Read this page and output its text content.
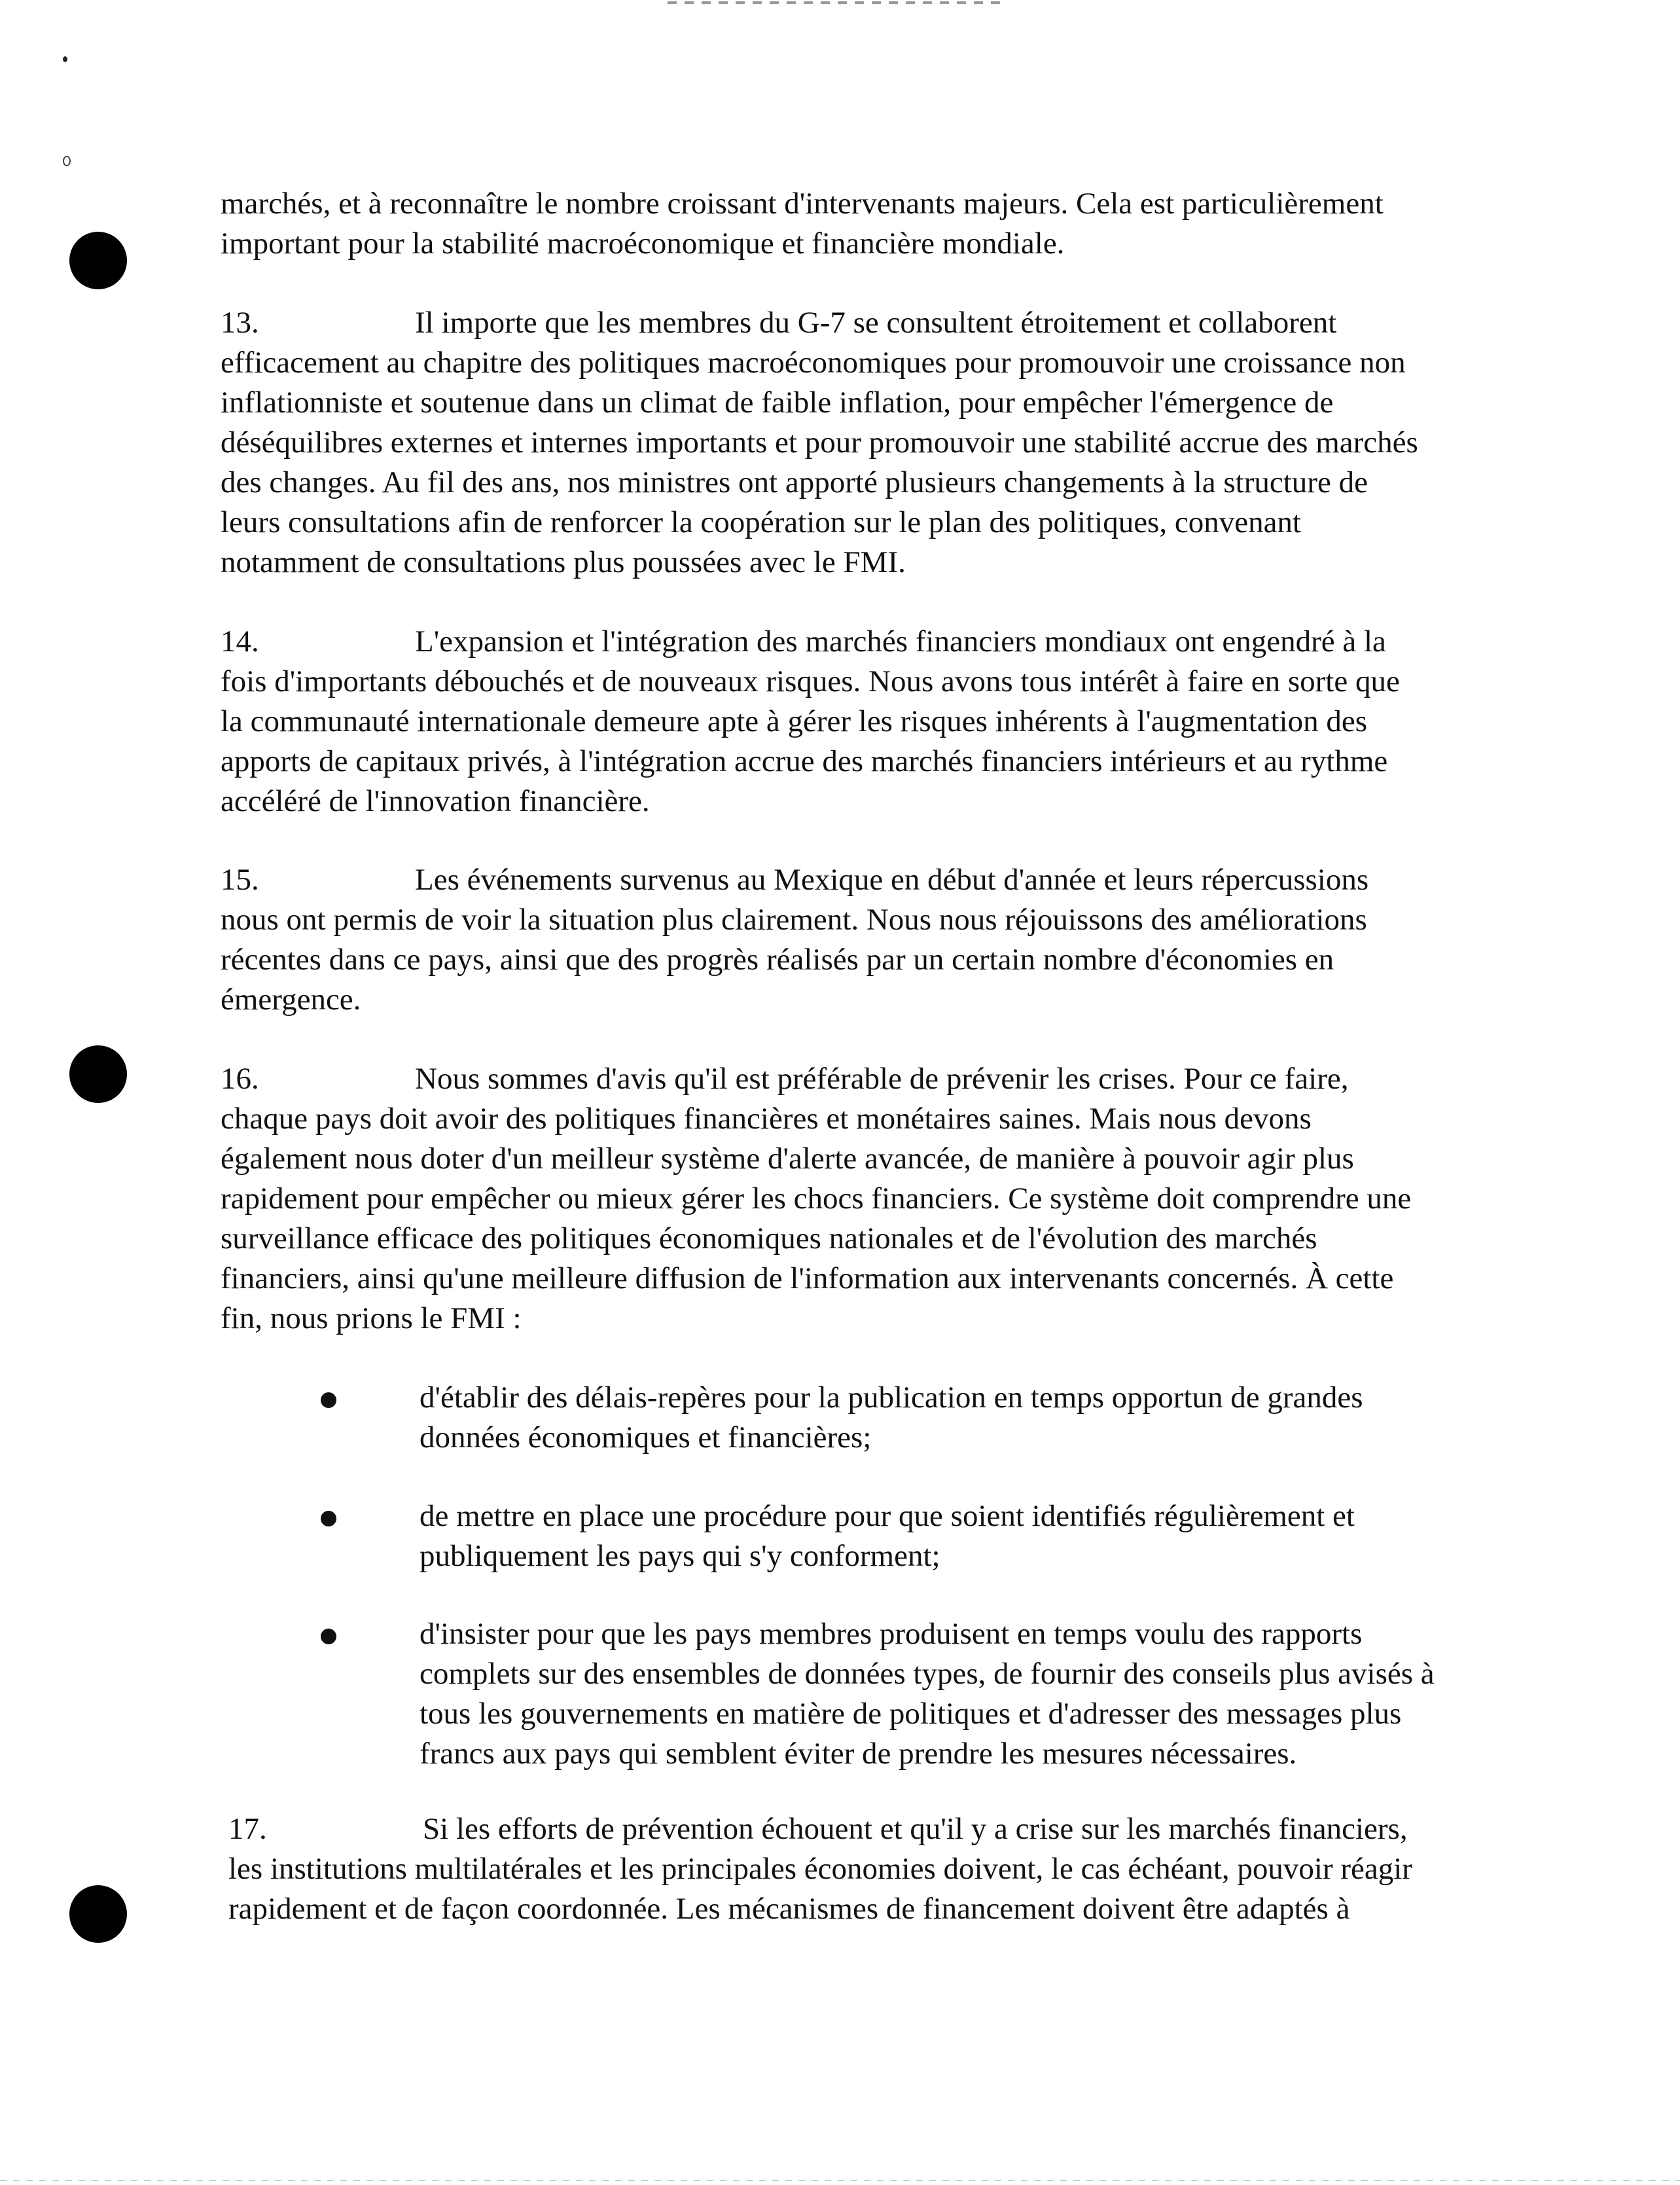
marchés, et à reconnaître le nombre croissant d'intervenants majeurs. Cela est particulièrement
important pour la stabilité macroéconomique et financière mondiale.
13.	Il importe que les membres du G-7 se consultent étroitement et collaborent
efficacement au chapitre des politiques macroéconomiques pour promouvoir une croissance non
inflationniste et soutenue dans un climat de faible inflation, pour empêcher l'émergence de
déséquilibres externes et internes importants et pour promouvoir une stabilité accrue des marchés
des changes. Au fil des ans, nos ministres ont apporté plusieurs changements à la structure de
leurs consultations afin de renforcer la coopération sur le plan des politiques, convenant
notamment de consultations plus poussées avec le FMI.
14.	L'expansion et l'intégration des marchés financiers mondiaux ont engendré à la
fois d'importants débouchés et de nouveaux risques. Nous avons tous intérêt à faire en sorte que
la communauté internationale demeure apte à gérer les risques inhérents à l'augmentation des
apports de capitaux privés, à l'intégration accrue des marchés financiers intérieurs et au rythme
accéléré de l'innovation financière.
15.	Les événements survenus au Mexique en début d'année et leurs répercussions
nous ont permis de voir la situation plus clairement. Nous nous réjouissons des améliorations
récentes dans ce pays, ainsi que des progrès réalisés par un certain nombre d'économies en
émergence.
16.	Nous sommes d'avis qu'il est préférable de prévenir les crises. Pour ce faire,
chaque pays doit avoir des politiques financières et monétaires saines. Mais nous devons
également nous doter d'un meilleur système d'alerte avancée, de manière à pouvoir agir plus
rapidement pour empêcher ou mieux gérer les chocs financiers. Ce système doit comprendre une
surveillance efficace des politiques économiques nationales et de l'évolution des marchés
financiers, ainsi qu'une meilleure diffusion de l'information aux intervenants concernés. À cette
fin, nous prions le FMI :
d'établir des délais-repères pour la publication en temps opportun de grandes
données économiques et financières;
de mettre en place une procédure pour que soient identifiés régulièrement et
publiquement les pays qui s'y conforment;
d'insister pour que les pays membres produisent en temps voulu des rapports
complets sur des ensembles de données types, de fournir des conseils plus avisés à
tous les gouvernements en matière de politiques et d'adresser des messages plus
francs aux pays qui semblent éviter de prendre les mesures nécessaires.
17.	Si les efforts de prévention échouent et qu'il y a crise sur les marchés financiers,
les institutions multilatérales et les principales économies doivent, le cas échéant, pouvoir réagir
rapidement et de façon coordonnée. Les mécanismes de financement doivent être adaptés à
